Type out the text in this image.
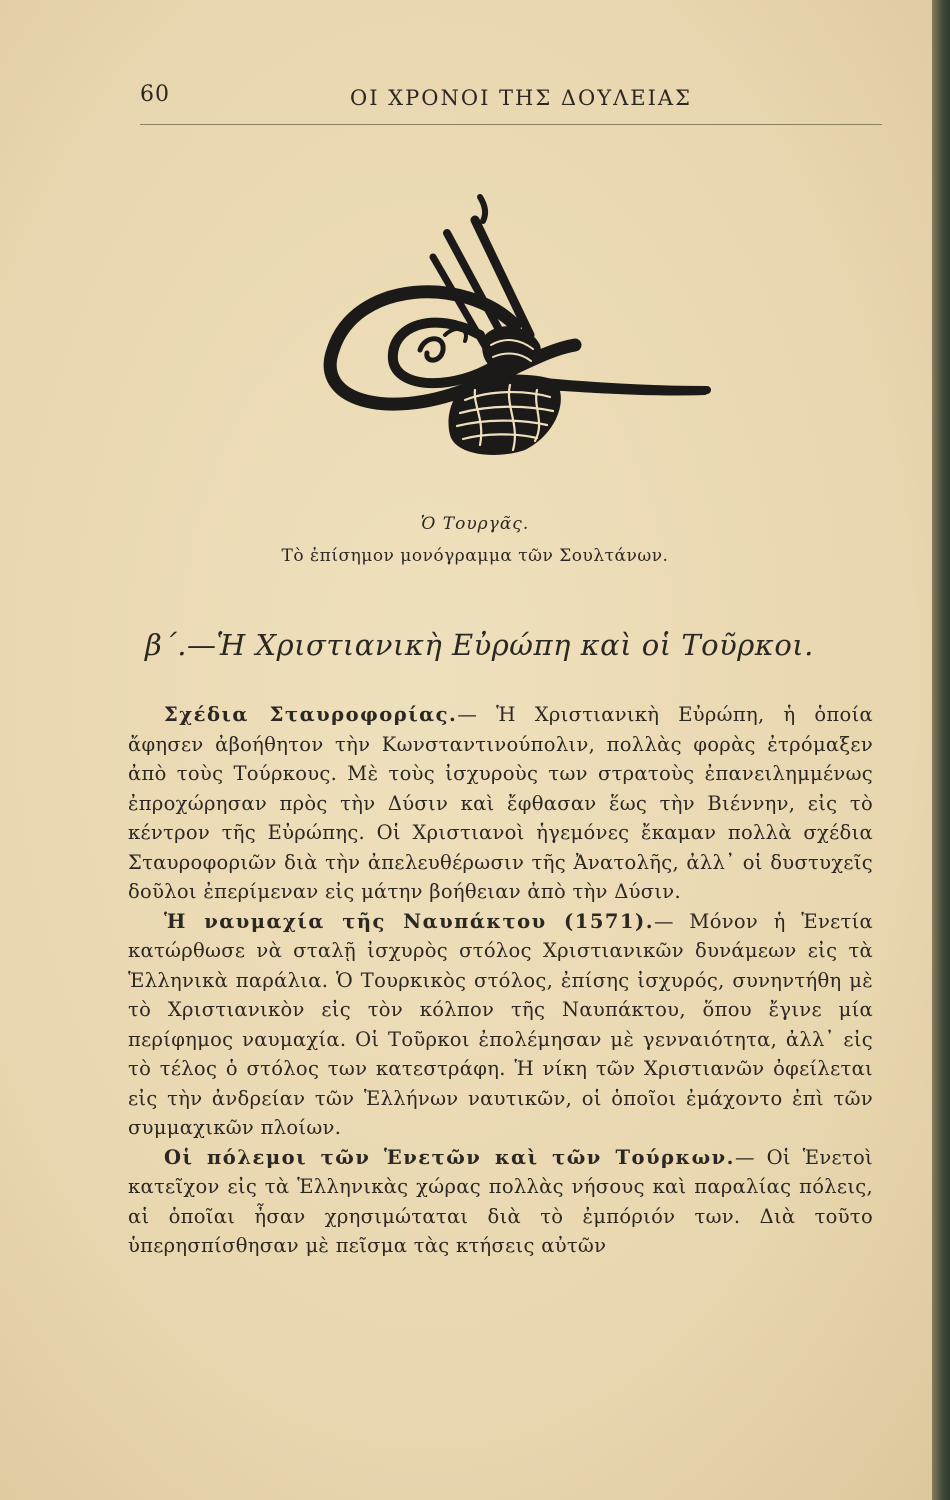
60	ΟΙ ΧΡΟΝΟΙ ΤΗΣ ΔΟΥΛΕΙΑΣ
Ὁ Τουργᾶς.
Τὸ ἐπίσημον μονόγραμμα τῶν Σουλτάνων.
β΄.—Ἡ Χριστιανικὴ Εὐρώπη καὶ οἱ Τοῦρκοι.

Σχέδια Σταυροφορίας.— Ἡ Χριστιανικὴ Εὐρώπη, ἡ ὁποία ἄφησεν ἀβοήθητον τὴν Κωνσταντινούπολιν, πολλὰς φορὰς ἐτρόμαξεν ἀπὸ τοὺς Τούρκους. Μὲ τοὺς ἰσχυροὺς των στρατοὺς ἐπανειλημμένως ἐπροχώρησαν πρὸς τὴν Δύσιν καὶ ἔφθασαν ἕως τὴν Βιέννην, εἰς τὸ κέντρον τῆς Εὐρώπης. Οἱ Χριστιανοὶ ἡγεμόνες ἔκαμαν πολλὰ σχέδια Σταυροφοριῶν διὰ τὴν ἀπελευθέρωσιν τῆς Ἀνατολῆς, ἀλλ᾽ οἱ δυστυχεῖς δοῦλοι ἐπερίμεναν εἰς μάτην βοήθειαν ἀπὸ τὴν Δύσιν.

Ἡ ναυμαχία τῆς Ναυπάκτου (1571).— Μόνον ἡ Ἑνετία κατώρθωσε νὰ σταλῇ ἰσχυρὸς στόλος Χριστιανικῶν δυνάμεων εἰς τὰ Ἑλληνικὰ παράλια. Ὁ Τουρκικὸς στόλος, ἐπίσης ἰσχυρός, συνηντήθη μὲ τὸ Χριστιανικὸν εἰς τὸν κόλπον τῆς Ναυπάκτου, ὅπου ἔγινε μία περίφημος ναυμαχία. Οἱ Τοῦρκοι ἐπολέμησαν μὲ γενναιότητα, ἀλλ᾽ εἰς τὸ τέλος ὁ στόλος των κατεστράφη. Ἡ νίκη τῶν Χριστιανῶν ὀφείλεται εἰς τὴν ἀνδρείαν τῶν Ἑλλήνων ναυτικῶν, οἱ ὁποῖοι ἐμάχοντο ἐπὶ τῶν συμμαχικῶν πλοίων.

Οἱ πόλεμοι τῶν Ἑνετῶν καὶ τῶν Τούρκων.— Οἱ Ἑνετοὶ κατεῖχον εἰς τὰ Ἑλληνικὰς χώρας πολλὰς νήσους καὶ παραλίας πόλεις, αἱ ὁποῖαι ἦσαν χρησιμώταται διὰ τὸ ἐμπόριόν των. Διὰ τοῦτο ὑπερησπίσθησαν μὲ πεῖσμα τὰς κτήσεις αὐτῶν
